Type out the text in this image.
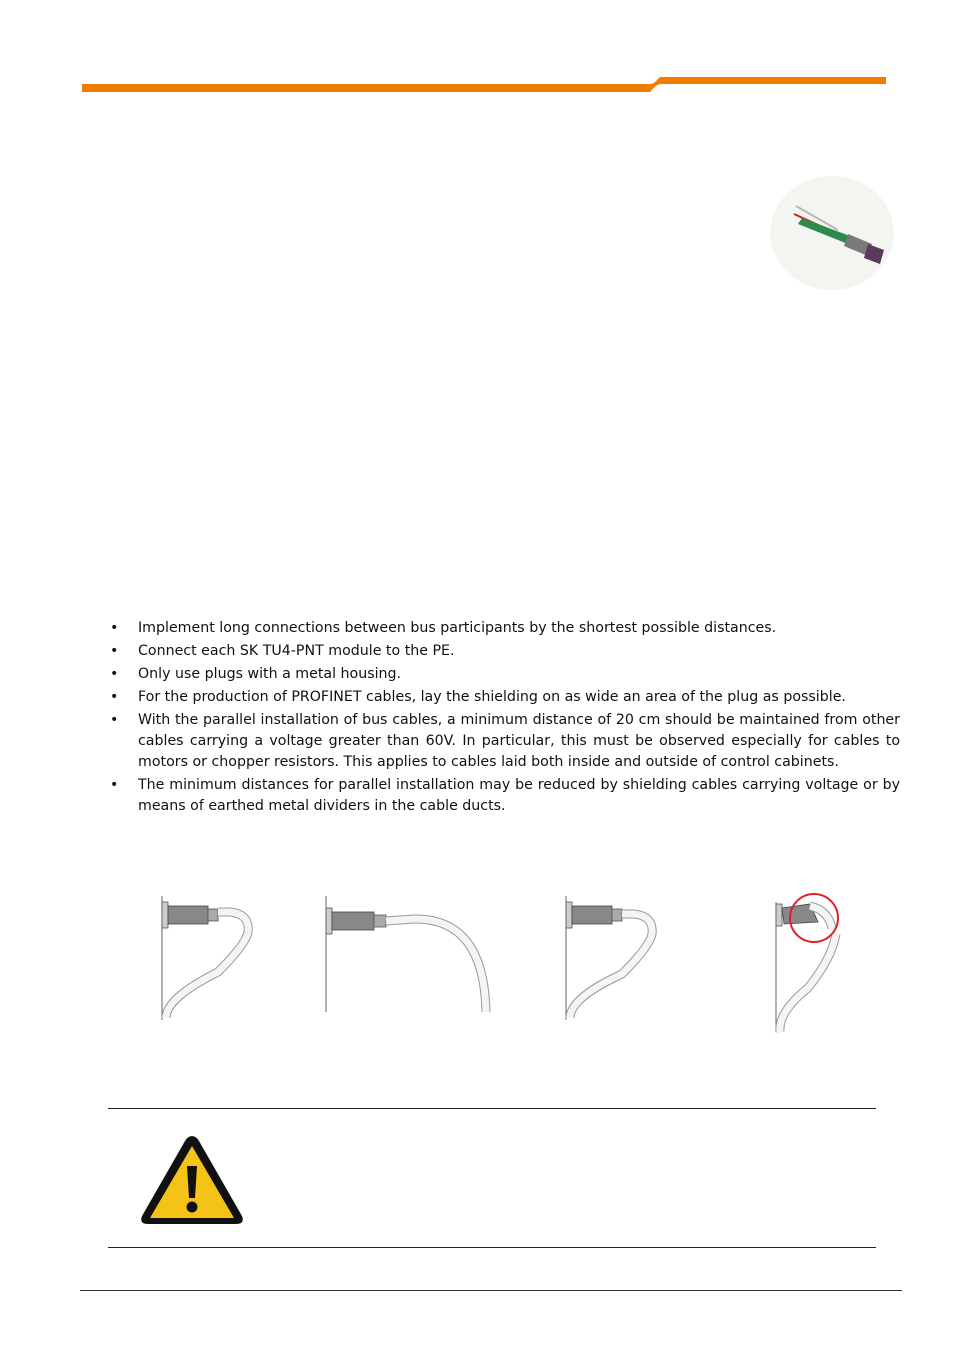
• Implement long connections between bus participants by the shortest possible distances.
• Connect each SK TU4-PNT module to the PE.
• Only use plugs with a metal housing.
• For the production of PROFINET cables, lay the shielding on as wide an area of the plug as possible.
• With the parallel installation of bus cables, a minimum distance of 20 cm should be maintained from other cables carrying a voltage greater than 60V. In particular, this must be observed especially for cables to motors or chopper resistors. This applies to cables laid both inside and outside of control cabinets.
• The minimum distances for parallel installation may be reduced by shielding cables carrying voltage or by means of earthed metal dividers in the cable ducts.
